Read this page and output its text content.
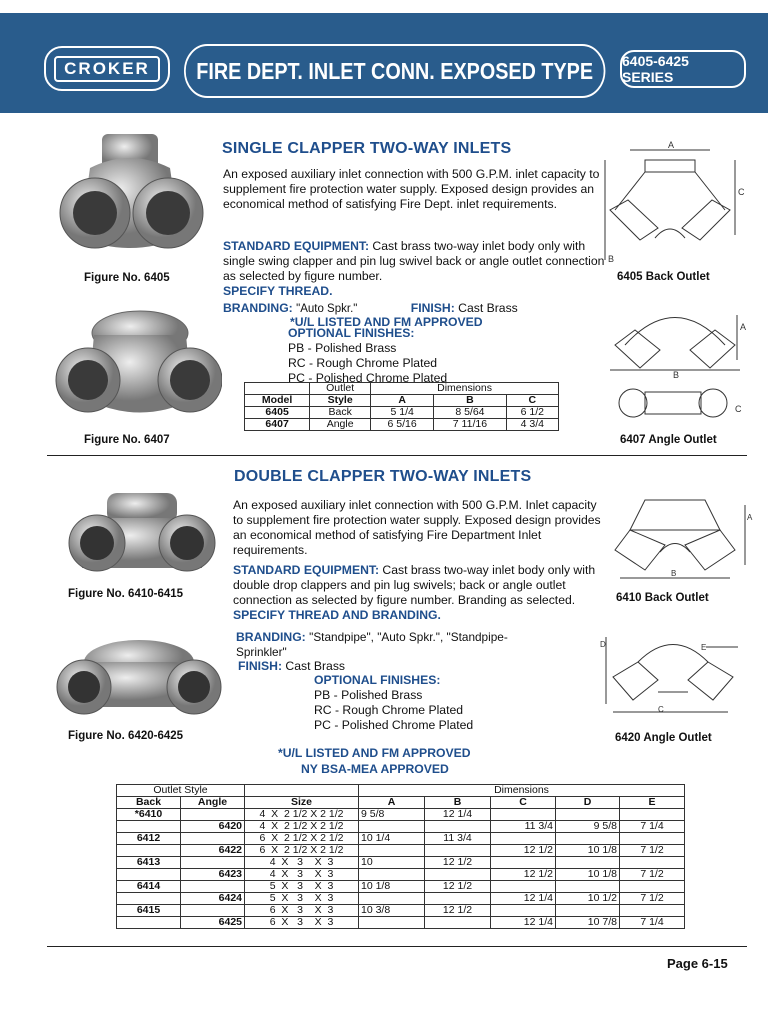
CROKER	FIRE DEPT. INLET CONN. EXPOSED TYPE	6405-6425 SERIES
SINGLE CLAPPER TWO-WAY INLETS
An exposed auxiliary inlet connection with 500 G.P.M. inlet capacity to supplement fire protection water supply. Exposed design provides an economical method of satisfying Fire Dept. inlet requirements.
STANDARD EQUIPMENT: Cast brass two-way inlet body only with single swing clapper and pin lug swivel back or angle outlet connection as selected by figure number.
SPECIFY THREAD.
BRANDING: "Auto Spkr."	FINISH: Cast Brass
*U/L LISTED AND FM APPROVED
OPTIONAL FINISHES:
PB - Polished Brass
RC - Rough Chrome Plated
PC - Polished Chrome Plated
	Outlet	Dimensions		
Model	Style	A	B	C
6405	Back	5 1/4	8 5/64	6 1/2
6407	Angle	6 5/16	7 11/16	4 3/4
Figure No. 6405
Figure No. 6407
A
B
C
6405 Back Outlet
B
A
C
6407 Angle Outlet
DOUBLE CLAPPER TWO-WAY INLETS
An exposed auxiliary inlet connection with 500 G.P.M. Inlet capacity to supplement fire protection water supply. Exposed design provides an economical method of satisfying Fire Department Inlet requirements.
STANDARD EQUIPMENT: Cast brass two-way inlet body only with double drop clappers and pin lug swivels; back or angle outlet connection as selected by figure number. Branding as selected. SPECIFY THREAD AND BRANDING.
BRANDING: "Standpipe", "Auto Spkr.", "Standpipe-Sprinkler"
FINISH: Cast Brass
OPTIONAL FINISHES:
PB - Polished Brass
RC - Rough Chrome Plated
PC - Polished Chrome Plated
*U/L LISTED AND FM APPROVED
NY BSA-MEA APPROVED
Figure No. 6410-6415
Figure No. 6420-6425
B
A
6410 Back Outlet
D	E
C
6420 Angle Outlet
Outlet Style			Dimensions				
Back	Angle	Size	A	B	C	D	E
*6410		4  X  2 1/2 X 2 1/2	9 5/8	12 1/4			
	6420	4  X  2 1/2 X 2 1/2			11 3/4	9 5/8	7 1/4
6412		6  X  2 1/2 X 2 1/2	10 1/4	11 3/4			
	6422	6  X  2 1/2 X 2 1/2			12 1/2	10 1/8	7 1/2
6413		4  X   3    X  3	10	12 1/2			
	6423	4  X   3    X  3			12 1/2	10 1/8	7 1/2
6414		5  X   3    X  3	10 1/8	12 1/2			
	6424	5  X   3    X  3			12 1/4	10 1/2	7 1/2
6415		6  X   3    X  3	10 3/8	12 1/2			
	6425	6  X   3    X  3			12 1/4	10 7/8	7 1/4
Page 6-15
